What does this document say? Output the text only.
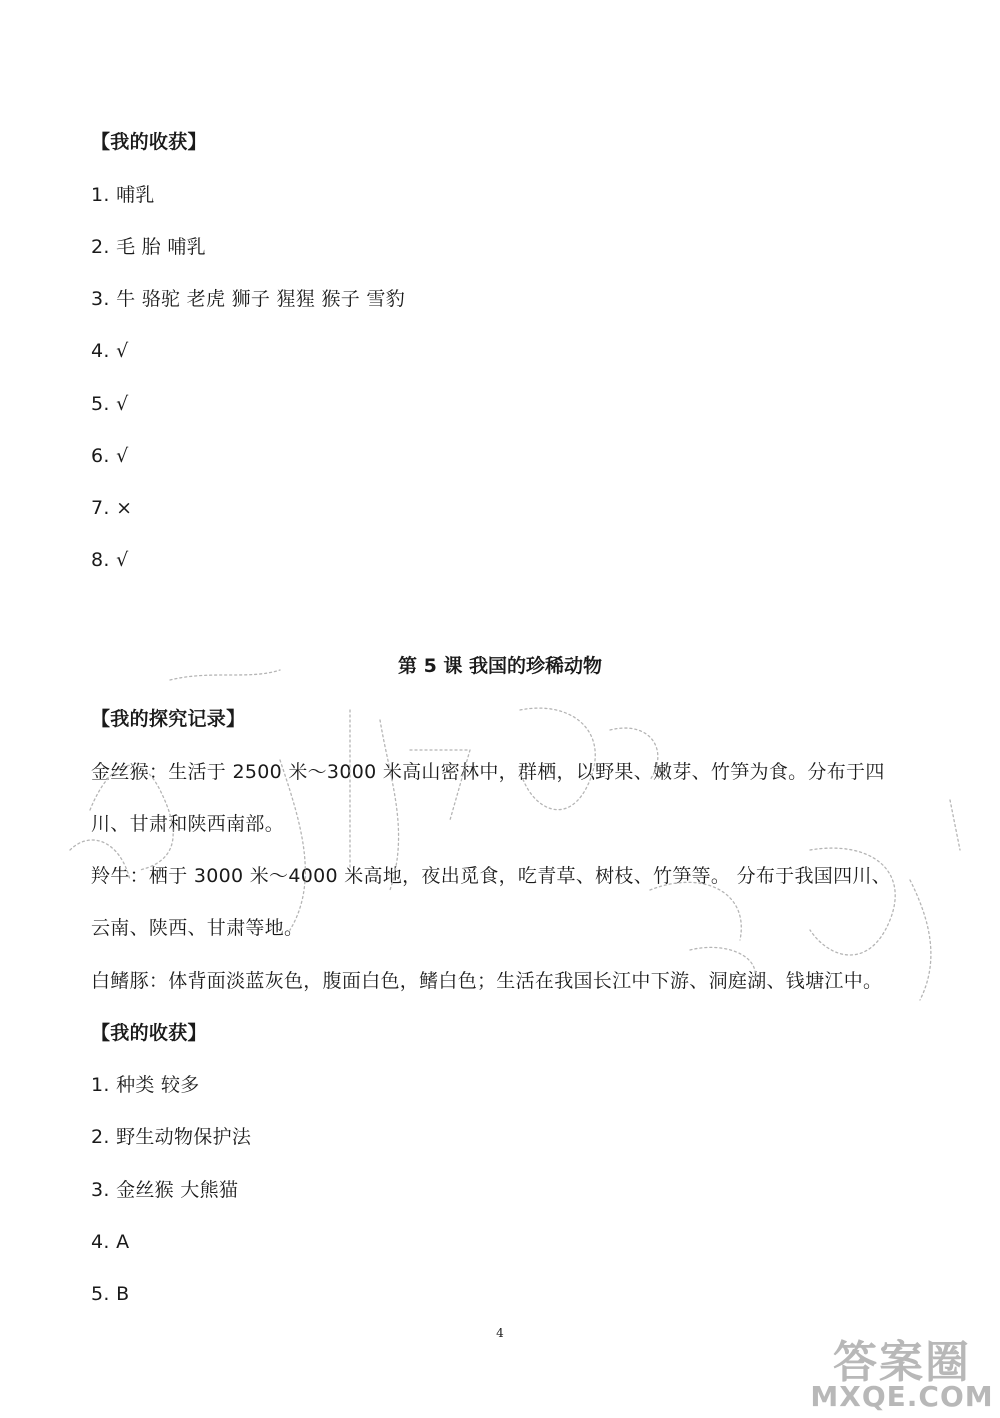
【我的收获】
1. 哺乳
2. 毛 胎 哺乳
3. 牛 骆驼 老虎 狮子 猩猩 猴子 雪豹
4. √
5. √
6. √
7. ×
8. √
第 5 课 我国的珍稀动物
【我的探究记录】
金丝猴：生活于 2500 米～3000 米高山密林中，群栖，以野果、嫩芽、竹笋为食。分布于四
川、甘肃和陕西南部。
羚牛：栖于 3000 米～4000 米高地，夜出觅食，吃青草、树枝、竹笋等。 分布于我国四川、
云南、陕西、甘肃等地。
白鳍豚：体背面淡蓝灰色，腹面白色，鳍白色；生活在我国长江中下游、洞庭湖、钱塘江中。
【我的收获】
1. 种类 较多
2. 野生动物保护法
3. 金丝猴 大熊猫
4. A
5. B
4
答案圈
MXQE.COM
